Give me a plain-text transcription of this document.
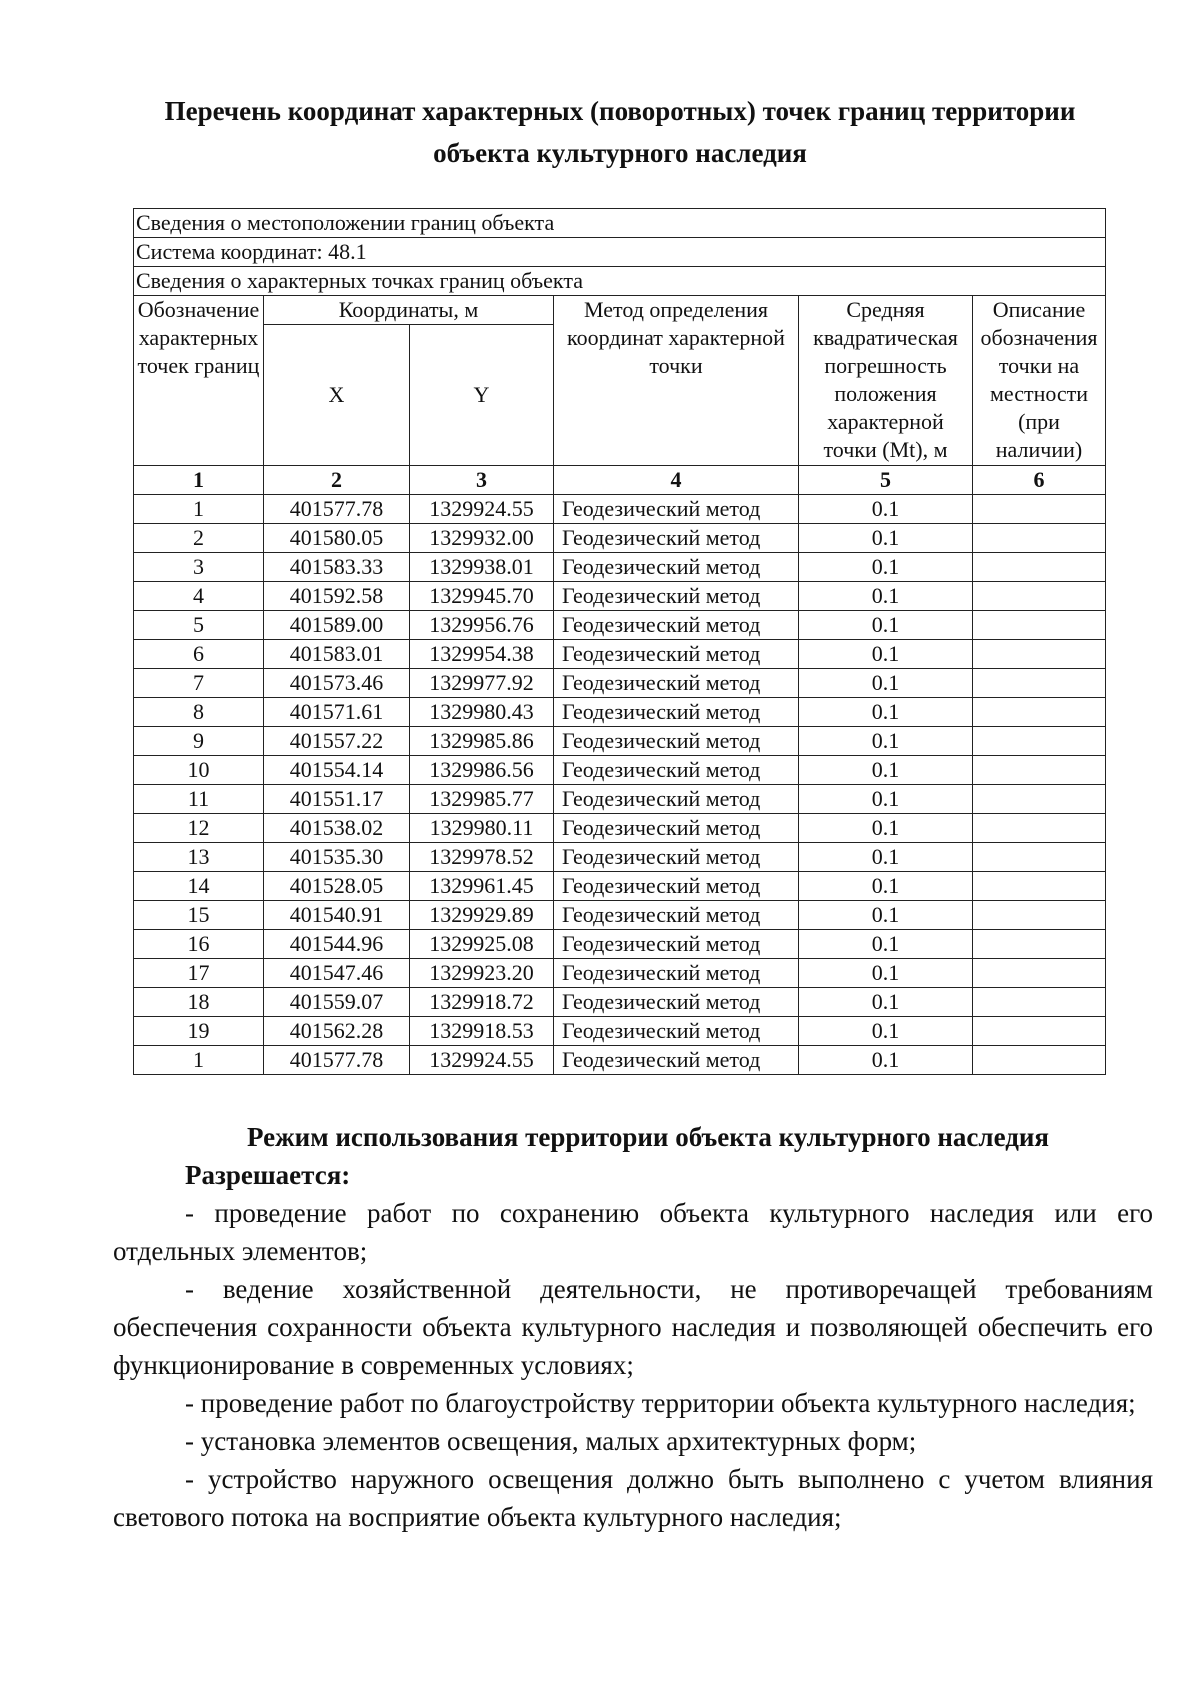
Перечень координат характерных (поворотных) точек границ территории
объекта культурного наследия
Сведения о местоположении границ объекта					
Система координат: 48.1					
Сведения о характерных точках границ объекта					
Обозначение характерных точек границ	Координаты, м		Метод определения координат характерной точки	Средняя квадратическая погрешность положения характерной точки (Mt), м	Описание обозначения точки на местности (при наличии)
	X	Y			
1	2	3	4	5	6
1	401577.78	1329924.55	Геодезический метод	0.1	
2	401580.05	1329932.00	Геодезический метод	0.1	
3	401583.33	1329938.01	Геодезический метод	0.1	
4	401592.58	1329945.70	Геодезический метод	0.1	
5	401589.00	1329956.76	Геодезический метод	0.1	
6	401583.01	1329954.38	Геодезический метод	0.1	
7	401573.46	1329977.92	Геодезический метод	0.1	
8	401571.61	1329980.43	Геодезический метод	0.1	
9	401557.22	1329985.86	Геодезический метод	0.1	
10	401554.14	1329986.56	Геодезический метод	0.1	
11	401551.17	1329985.77	Геодезический метод	0.1	
12	401538.02	1329980.11	Геодезический метод	0.1	
13	401535.30	1329978.52	Геодезический метод	0.1	
14	401528.05	1329961.45	Геодезический метод	0.1	
15	401540.91	1329929.89	Геодезический метод	0.1	
16	401544.96	1329925.08	Геодезический метод	0.1	
17	401547.46	1329923.20	Геодезический метод	0.1	
18	401559.07	1329918.72	Геодезический метод	0.1	
19	401562.28	1329918.53	Геодезический метод	0.1	
1	401577.78	1329924.55	Геодезический метод	0.1	

Режим использования территории объекта культурного наследия

Разрешается:

- проведение работ по сохранению объекта культурного наследия или его отдельных элементов;

- ведение хозяйственной деятельности, не противоречащей требованиям обеспечения сохранности объекта культурного наследия и позволяющей обеспечить его функционирование в современных условиях;

- проведение работ по благоустройству территории объекта культурного наследия;

- установка элементов освещения, малых архитектурных форм;

- устройство наружного освещения должно быть выполнено с учетом влияния светового потока на восприятие объекта культурного наследия;
